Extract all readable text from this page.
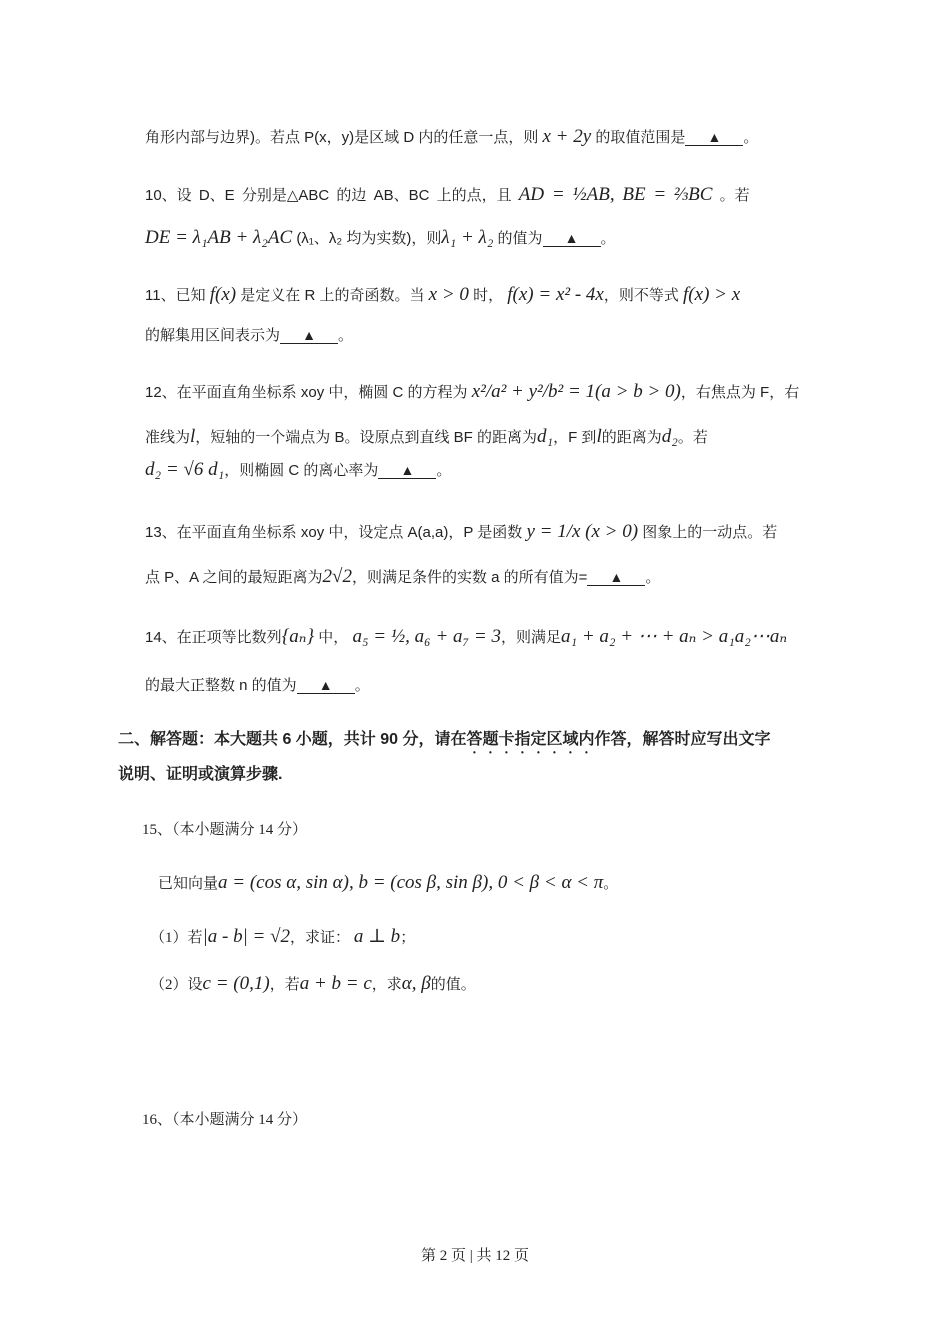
角形内部与边界)。若点 P(x，y)是区域 D 内的任意一点，则 x + 2y 的取值范围是 ▲ 。
10、设 D、E 分别是△ABC 的边 AB、BC 上的点，且 AD = ½AB, BE = ⅔BC 。若
DE = λ₁AB + λ₂AC (λ₁、λ₂ 均为实数)，则λ₁ + λ₂ 的值为 ▲ 。
11、已知 f(x) 是定义在 R 上的奇函数。当 x > 0 时， f(x) = x² - 4x，则不等式 f(x) > x
的解集用区间表示为 ▲ 。
12、在平面直角坐标系 xoy 中，椭圆 C 的方程为 x²/a² + y²/b² = 1(a > b > 0)，右焦点为 F，右
准线为l，短轴的一个端点为 B。设原点到直线 BF 的距离为d₁，F 到l的距离为d₂。若
d₂ = √6 d₁，则椭圆 C 的离心率为 ▲ 。
13、在平面直角坐标系 xoy 中，设定点 A(a,a)，P 是函数 y = 1/x (x > 0) 图象上的一动点。若
点 P、A 之间的最短距离为2√2，则满足条件的实数 a 的所有值为= ▲ 。
14、在正项等比数列{aₙ} 中， a₅ = ½, a₆ + a₇ = 3，则满足a₁ + a₂ + ⋯ + aₙ > a₁a₂⋯aₙ
的最大正整数 n 的值为 ▲ 。
二、解答题：本大题共 6 小题，共计 90 分，请在答题卡指定区域内作答，解答时应写出文字
说明、证明或演算步骤.
15、（本小题满分 14 分）
已知向量a = (cos α, sin α), b = (cos β, sin β), 0 < β < α < π。
（1）若|a - b| = √2，求证： a ⊥ b；
（2）设c = (0,1)，若a + b = c，求α, β的值。
16、（本小题满分 14 分）
第 2 页 | 共 12 页
